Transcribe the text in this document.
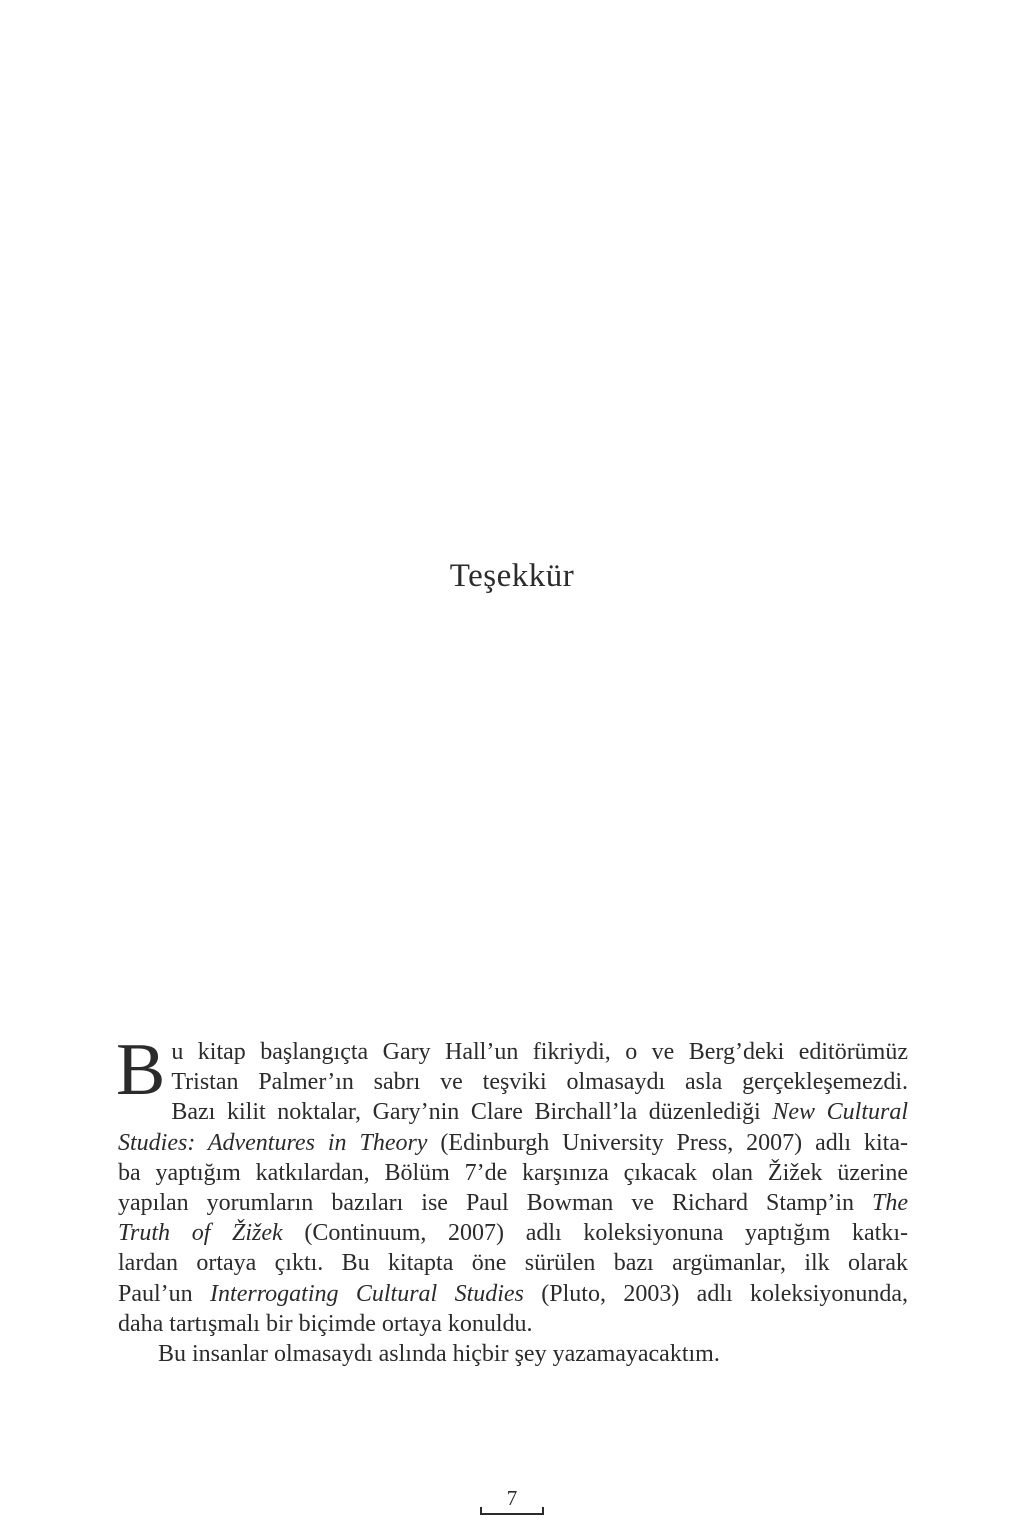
Teşekkür

B u kitap başlangıçta Gary Hall’un fikriydi, o ve Berg’deki editörümüz
Tristan Palmer’ın sabrı ve teşviki olmasaydı asla gerçekleşemezdi.
Bazı kilit noktalar, Gary’nin Clare Birchall’la düzenlediği New Cultural
Studies: Adventures in Theory (Edinburgh University Press, 2007) adlı kita-
ba yaptığım katkılardan, Bölüm 7’de karşınıza çıkacak olan Žižek üzerine
yapılan yorumların bazıları ise Paul Bowman ve Richard Stamp’in The
Truth of Žižek (Continuum, 2007) adlı koleksiyonuna yaptığım katkı-
lardan ortaya çıktı. Bu kitapta öne sürülen bazı argümanlar, ilk olarak
Paul’un Interrogating Cultural Studies (Pluto, 2003) adlı koleksiyonunda,
daha tartışmalı bir biçimde ortaya konuldu.

Bu insanlar olmasaydı aslında hiçbir şey yazamayacaktım.

7
